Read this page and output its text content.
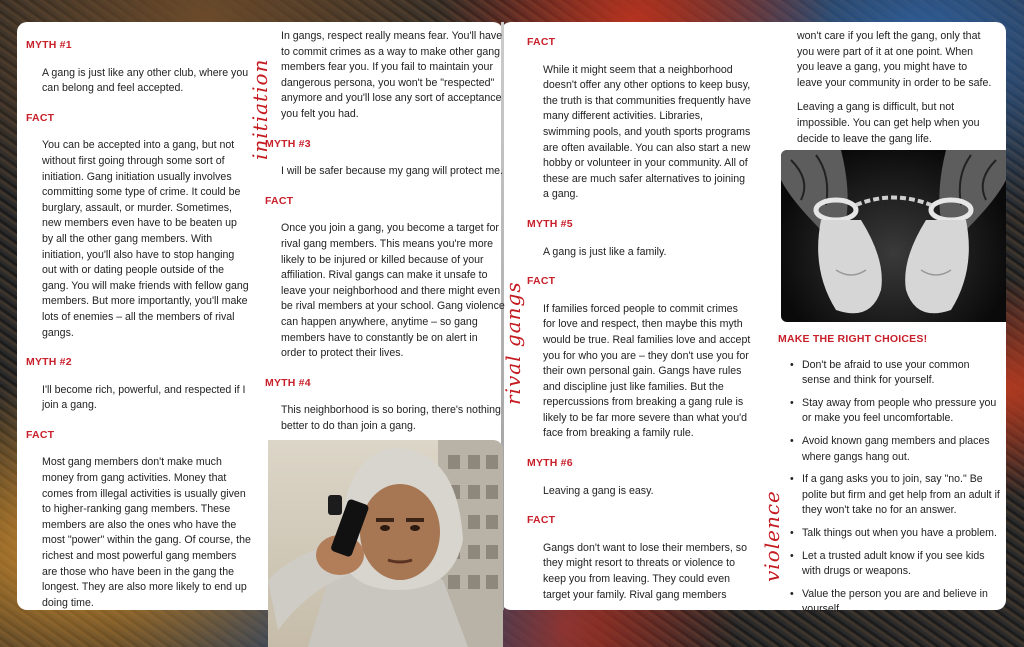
MYTH #1

A gang is just like any other club, where you can belong and feel accepted.

FACT

You can be accepted into a gang, but not without first going through some sort of initiation. Gang initiation usually involves committing some type of crime. It could be burglary, assault, or murder. Sometimes, new members even have to be beaten up by all the other gang members. With initiation, you'll also have to stop hanging out with or dating people outside of the gang. You will make friends with fellow gang members. But more importantly, you'll make lots of enemies – all the members of rival gangs.

MYTH #2

I'll become rich, powerful, and respected if I join a gang.

FACT

Most gang members don't make much money from gang activities. Money that comes from illegal activities is usually given to higher-ranking gang members. These members are also the ones who have the most "power" within the gang. Of course, the richest and most powerful gang members are those who have been in the gang the longest. They are also more likely to end up doing time.

In gangs, respect really means fear. You'll have to commit crimes as a way to make other gang members fear you. If you fail to maintain your dangerous persona, you won't be "respected" anymore and you'll lose any sort of acceptance you felt you had.

MYTH #3

I will be safer because my gang will protect me.

FACT

Once you join a gang, you become a target for rival gang members. This means you're more likely to be injured or killed because of your affiliation. Rival gangs can make it unsafe to leave your neighborhood and there might even be rival members at your school. Gang violence can happen anywhere, anytime – so gang members have to constantly be on alert in order to protect their lives.

MYTH #4

This neighborhood is so boring, there's nothing better to do than join a gang.

FACT

While it might seem that a neighborhood doesn't offer any other options to keep busy, the truth is that communities frequently have many different activities. Libraries, swimming pools, and youth sports programs are often available. You can also start a new hobby or volunteer in your community. All of these are much safer alternatives to joining a gang.

MYTH #5

A gang is just like a family.

FACT

If families forced people to commit crimes for love and respect, then maybe this myth would be true. Real families love and accept you for who you are – they don't use you for their own personal gain. Gangs have rules and discipline just like families. But the repercussions from breaking a gang rule is likely to be far more severe than what you'd face from breaking a family rule.

MYTH #6

Leaving a gang is easy.

FACT

Gangs don't want to lose their members, so they might resort to threats or violence to keep you from leaving. They could even target your family. Rival gang members

won't care if you left the gang, only that you were part of it at one point. When you leave a gang, you might have to leave your community in order to be safe.

Leaving a gang is difficult, but not impossible. You can get help when you decide to leave the gang life.

MAKE THE RIGHT CHOICES!
• Don't be afraid to use your common sense and think for yourself.
• Stay away from people who pressure you or make you feel uncomfortable.
• Avoid known gang members and places where gangs hang out.
• If a gang asks you to join, say "no." Be polite but firm and get help from an adult if they won't take no for an answer.
• Talk things out when you have a problem.
• Let a trusted adult know if you see kids with drugs or weapons.
• Value the person you are and believe in yourself.
initiation
rival gangs
violence
